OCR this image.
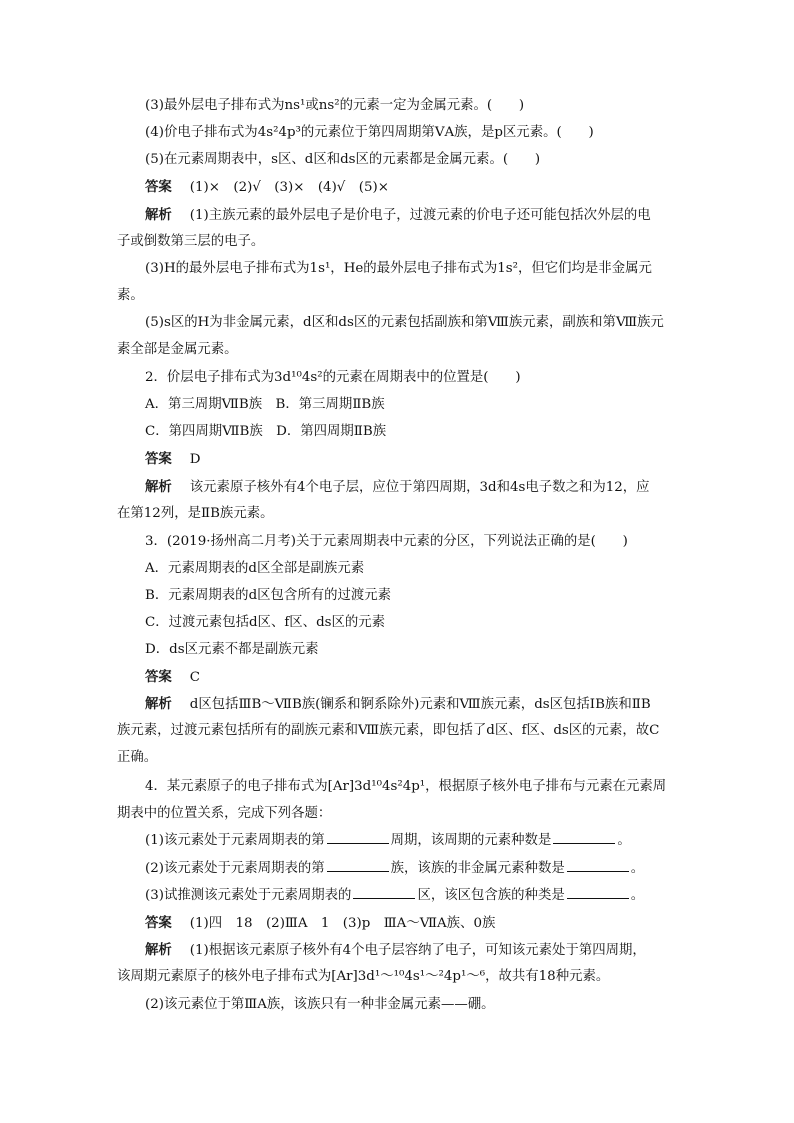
(3)最外层电子排布式为ns¹或ns²的元素一定为金属元素。(　　)
(4)价电子排布式为4s²4p³的元素位于第四周期第ⅤA族，是p区元素。(　　)
(5)在元素周期表中，s区、d区和ds区的元素都是金属元素。(　　)
答案 (1)×　(2)√　(3)×　(4)√　(5)×
解析 (1)主族元素的最外层电子是价电子，过渡元素的价电子还可能包括次外层的电
子或倒数第三层的电子。
(3)H的最外层电子排布式为1s¹，He的最外层电子排布式为1s²，但它们均是非金属元
素。
(5)s区的H为非金属元素，d区和ds区的元素包括副族和第Ⅷ族元素，副族和第Ⅷ族元
素全部是金属元素。
2．价层电子排布式为3d¹⁰4s²的元素在周期表中的位置是(　　)
A．第三周期ⅦB族　B．第三周期ⅡB族
C．第四周期ⅦB族　D．第四周期ⅡB族
答案 D
解析 该元素原子核外有4个电子层，应位于第四周期，3d和4s电子数之和为12，应
在第12列，是ⅡB族元素。
3．(2019·扬州高二月考)关于元素周期表中元素的分区，下列说法正确的是(　　)
A．元素周期表的d区全部是副族元素
B．元素周期表的d区包含所有的过渡元素
C．过渡元素包括d区、f区、ds区的元素
D．ds区元素不都是副族元素
答案 C
解析 d区包括ⅢB～ⅦB族(镧系和锕系除外)元素和Ⅷ族元素，ds区包括ⅠB族和ⅡB
族元素，过渡元素包括所有的副族元素和Ⅷ族元素，即包括了d区、f区、ds区的元素，故C
正确。
4．某元素原子的电子排布式为[Ar]3d¹⁰4s²4p¹，根据原子核外电子排布与元素在元素周
期表中的位置关系，完成下列各题：
(1)该元素处于元素周期表的第	周期，该周期的元素种数是	。
(2)该元素处于元素周期表的第	族，该族的非金属元素种数是	。
(3)试推测该元素处于元素周期表的	区，该区包含族的种类是	。
答案 (1)四　18　(2)ⅢA　1　(3)p　ⅢA～ⅦA族、0族
解析 (1)根据该元素原子核外有4个电子层容纳了电子，可知该元素处于第四周期，
该周期元素原子的核外电子排布式为[Ar]3d¹～¹⁰4s¹～²4p¹～⁶，故共有18种元素。
(2)该元素位于第ⅢA族，该族只有一种非金属元素——硼。
